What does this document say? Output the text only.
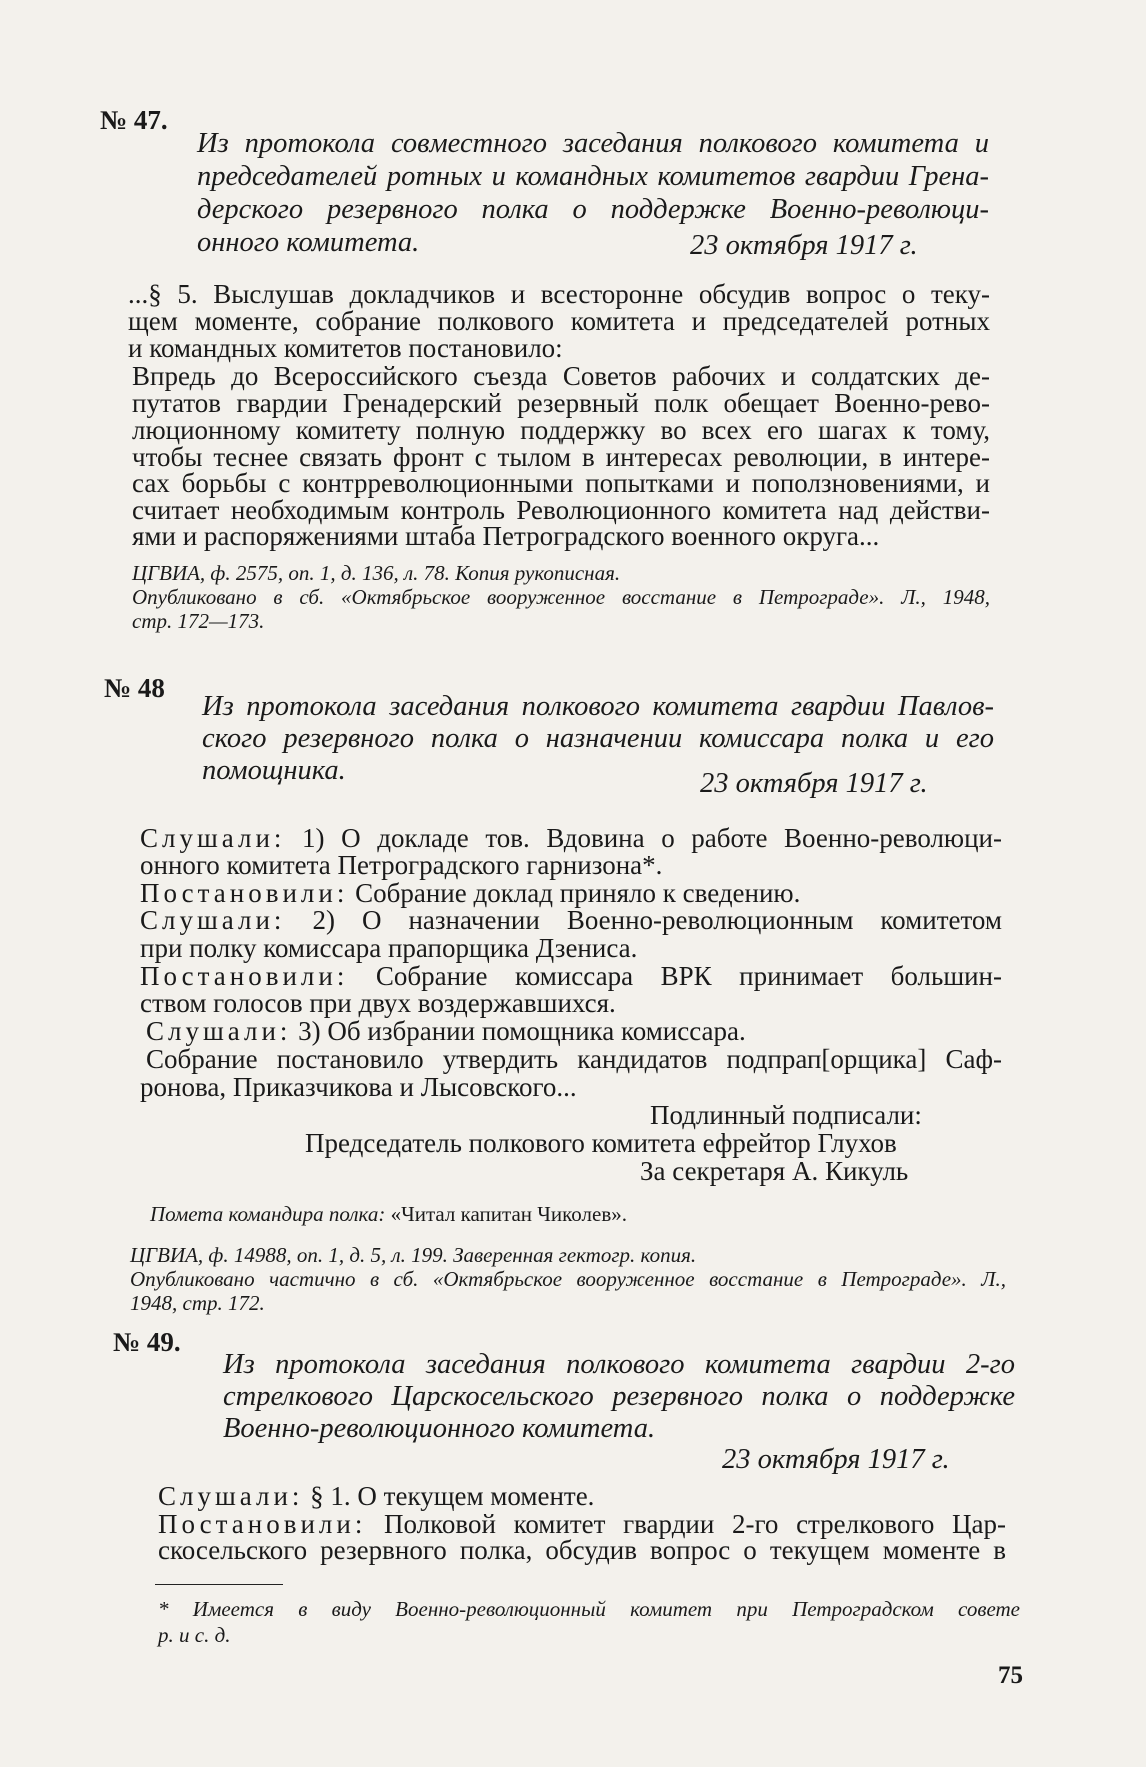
№ 47.
Из протокола совместного заседания полкового комитета и
председателей ротных и командных комитетов гвардии Грена-
дерского резервного полка о поддержке Военно-революци-
онного комитета.	23 октября 1917 г.
...§ 5. Выслушав докладчиков и всесторонне обсудив вопрос о теку-
щем моменте, собрание полкового комитета и председателей ротных
и командных комитетов постановило:
Впредь до Всероссийского съезда Советов рабочих и солдатских де-
путатов гвардии Гренадерский резервный полк обещает Военно-рево-
люционному комитету полную поддержку во всех его шагах к тому,
чтобы теснее связать фронт с тылом в интересах революции, в интере-
сах борьбы с контрреволюционными попытками и поползновениями, и
считает необходимым контроль Революционного комитета над действи-
ями и распоряжениями штаба Петроградского военного округа...
ЦГВИА, ф. 2575, оп. 1, д. 136, л. 78. Копия рукописная.
Опубликовано в сб. «Октябрьское вооруженное восстание в Петрограде». Л., 1948,
стр. 172—173.
№ 48
Из протокола заседания полкового комитета гвардии Павлов-
ского резервного полка о назначении комиссара полка и его
помощника.	23 октября 1917 г.
Слушали: 1) О докладе тов. Вдовина о работе Военно-революци-
онного комитета Петроградского гарнизона*.
Постановили: Собрание доклад приняло к сведению.
Слушали: 2) О назначении Военно-революционным комитетом
при полку комиссара прапорщика Дзениса.
Постановили: Собрание комиссара ВРК принимает большин-
ством голосов при двух воздержавшихся.
Слушали: 3) Об избрании помощника комиссара.
Собрание постановило утвердить кандидатов подпрап[орщика] Саф-
ронова, Приказчикова и Лысовского...
Подлинный подписали:
Председатель полкового комитета ефрейтор Глухов
За секретаря А. Кикуль
Помета командира полка: «Читал капитан Чиколев».
ЦГВИА, ф. 14988, оп. 1, д. 5, л. 199. Заверенная гектогр. копия.
Опубликовано частично в сб. «Октябрьское вооруженное восстание в Петрограде». Л.,
1948, стр. 172.
№ 49.
Из протокола заседания полкового комитета гвардии 2-го
стрелкового Царскосельского резервного полка о поддержке
Военно-революционного комитета.
23 октября 1917 г.
Слушали: § 1. О текущем моменте.
Постановили: Полковой комитет гвардии 2-го стрелкового Цар-
скосельского резервного полка, обсудив вопрос о текущем моменте в
* Имеется в виду Военно-революционный комитет при Петроградском совете
р. и с. д.
75
